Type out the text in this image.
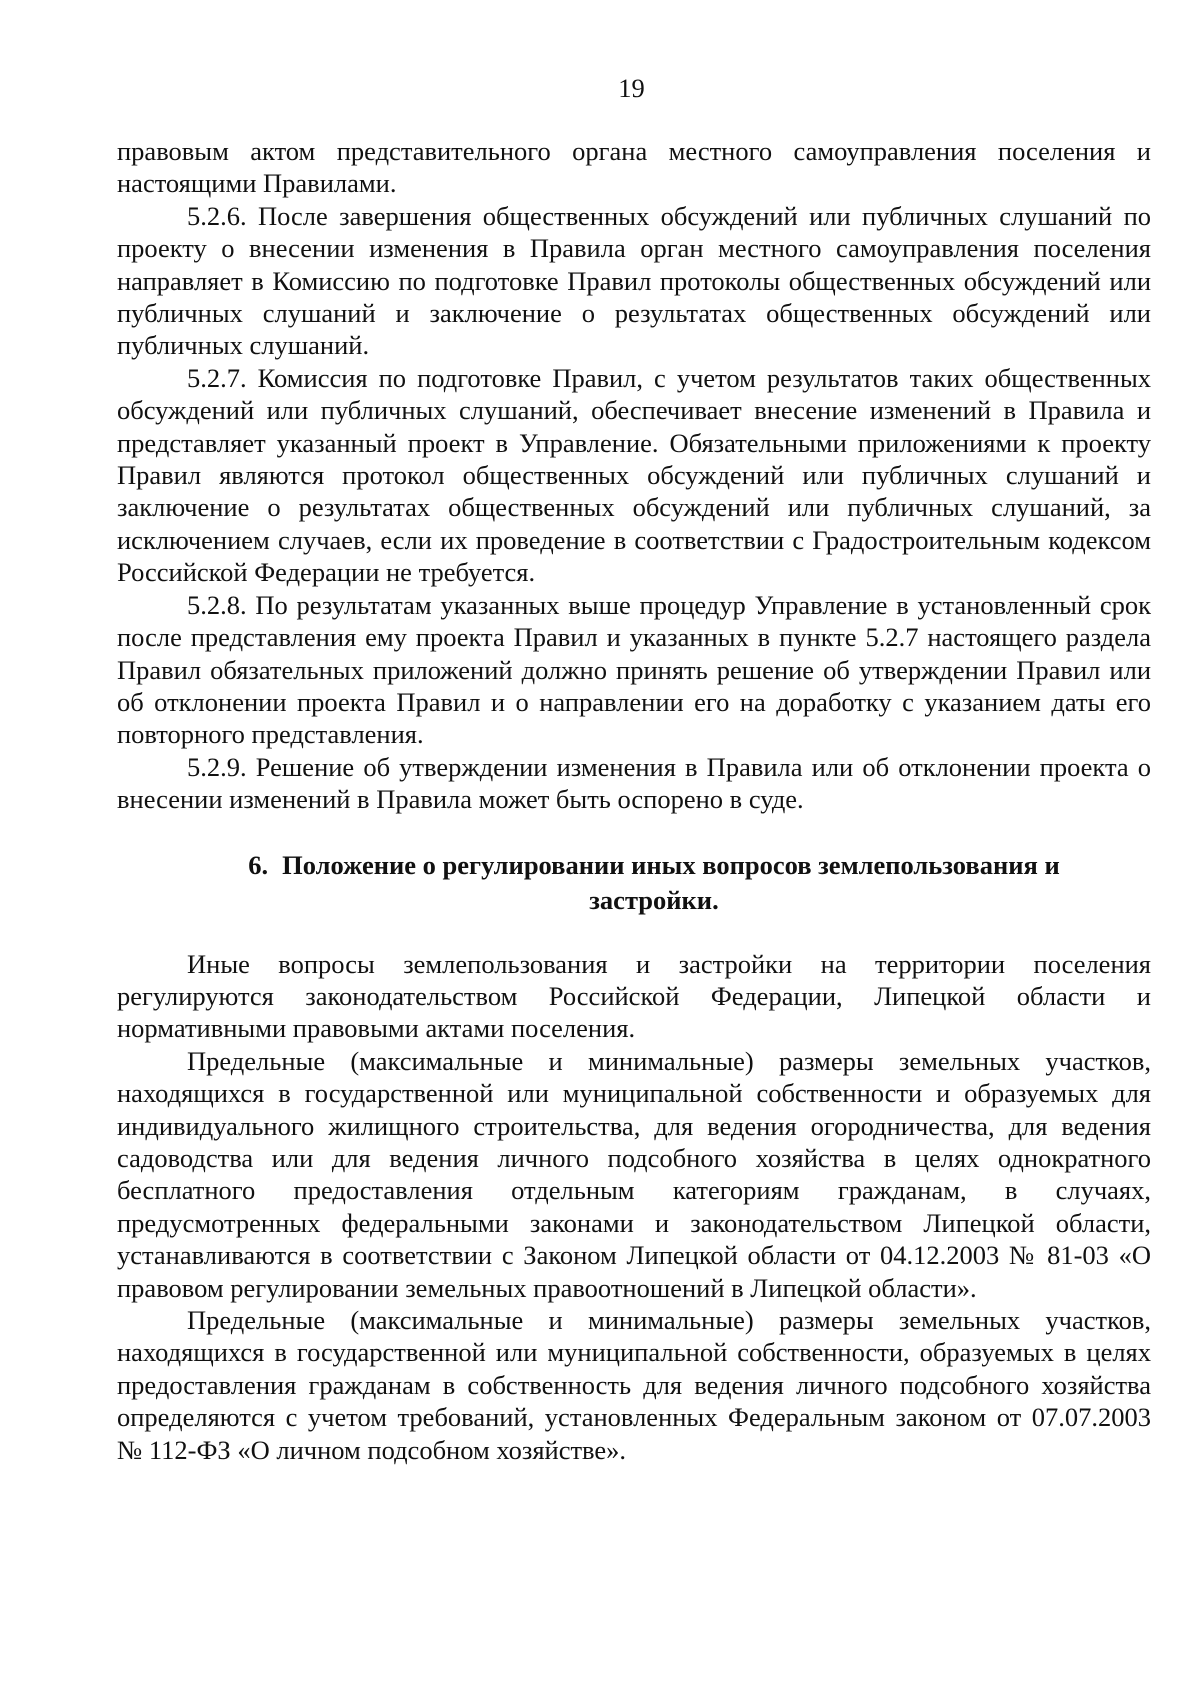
19

правовым актом представительного органа местного самоуправления поселения и настоящими Правилами.

5.2.6. После завершения общественных обсуждений или публичных слушаний по проекту о внесении изменения в Правила орган местного самоуправления поселения направляет в Комиссию по подготовке Правил протоколы общественных обсуждений или публичных слушаний и заключение о результатах общественных обсуждений или публичных слушаний.

5.2.7. Комиссия по подготовке Правил, с учетом результатов таких общественных обсуждений или публичных слушаний, обеспечивает внесение изменений в Правила и представляет указанный проект в Управление. Обязательными приложениями к проекту Правил являются протокол общественных обсуждений или публичных слушаний и заключение о результатах общественных обсуждений или публичных слушаний, за исключением случаев, если их проведение в соответствии с Градостроительным кодексом Российской Федерации не требуется.

5.2.8. По результатам указанных выше процедур Управление в установленный срок после представления ему проекта Правил и указанных в пункте 5.2.7 настоящего раздела Правил обязательных приложений должно принять решение об утверждении Правил или об отклонении проекта Правил и о направлении его на доработку с указанием даты его повторного представления.

5.2.9. Решение об утверждении изменения в Правила или об отклонении проекта о внесении изменений в Правила может быть оспорено в суде.

6. Положение о регулировании иных вопросов землепользования и
застройки.

Иные вопросы землепользования и застройки на территории поселения регулируются законодательством Российской Федерации, Липецкой области и нормативными правовыми актами поселения.

Предельные (максимальные и минимальные) размеры земельных участков, находящихся в государственной или муниципальной собственности и образуемых для индивидуального жилищного строительства, для ведения огородничества, для ведения садоводства или для ведения личного подсобного хозяйства в целях однократного бесплатного предоставления отдельным категориям гражданам, в случаях, предусмотренных федеральными законами и законодательством Липецкой области, устанавливаются в соответствии с Законом Липецкой области от 04.12.2003 № 81-03 «О правовом регулировании земельных правоотношений в Липецкой области».

Предельные (максимальные и минимальные) размеры земельных участков, находящихся в государственной или муниципальной собственности, образуемых в целях предоставления гражданам в собственность для ведения личного подсобного хозяйства определяются с учетом требований, установленных Федеральным законом от 07.07.2003 № 112-ФЗ «О личном подсобном хозяйстве».
